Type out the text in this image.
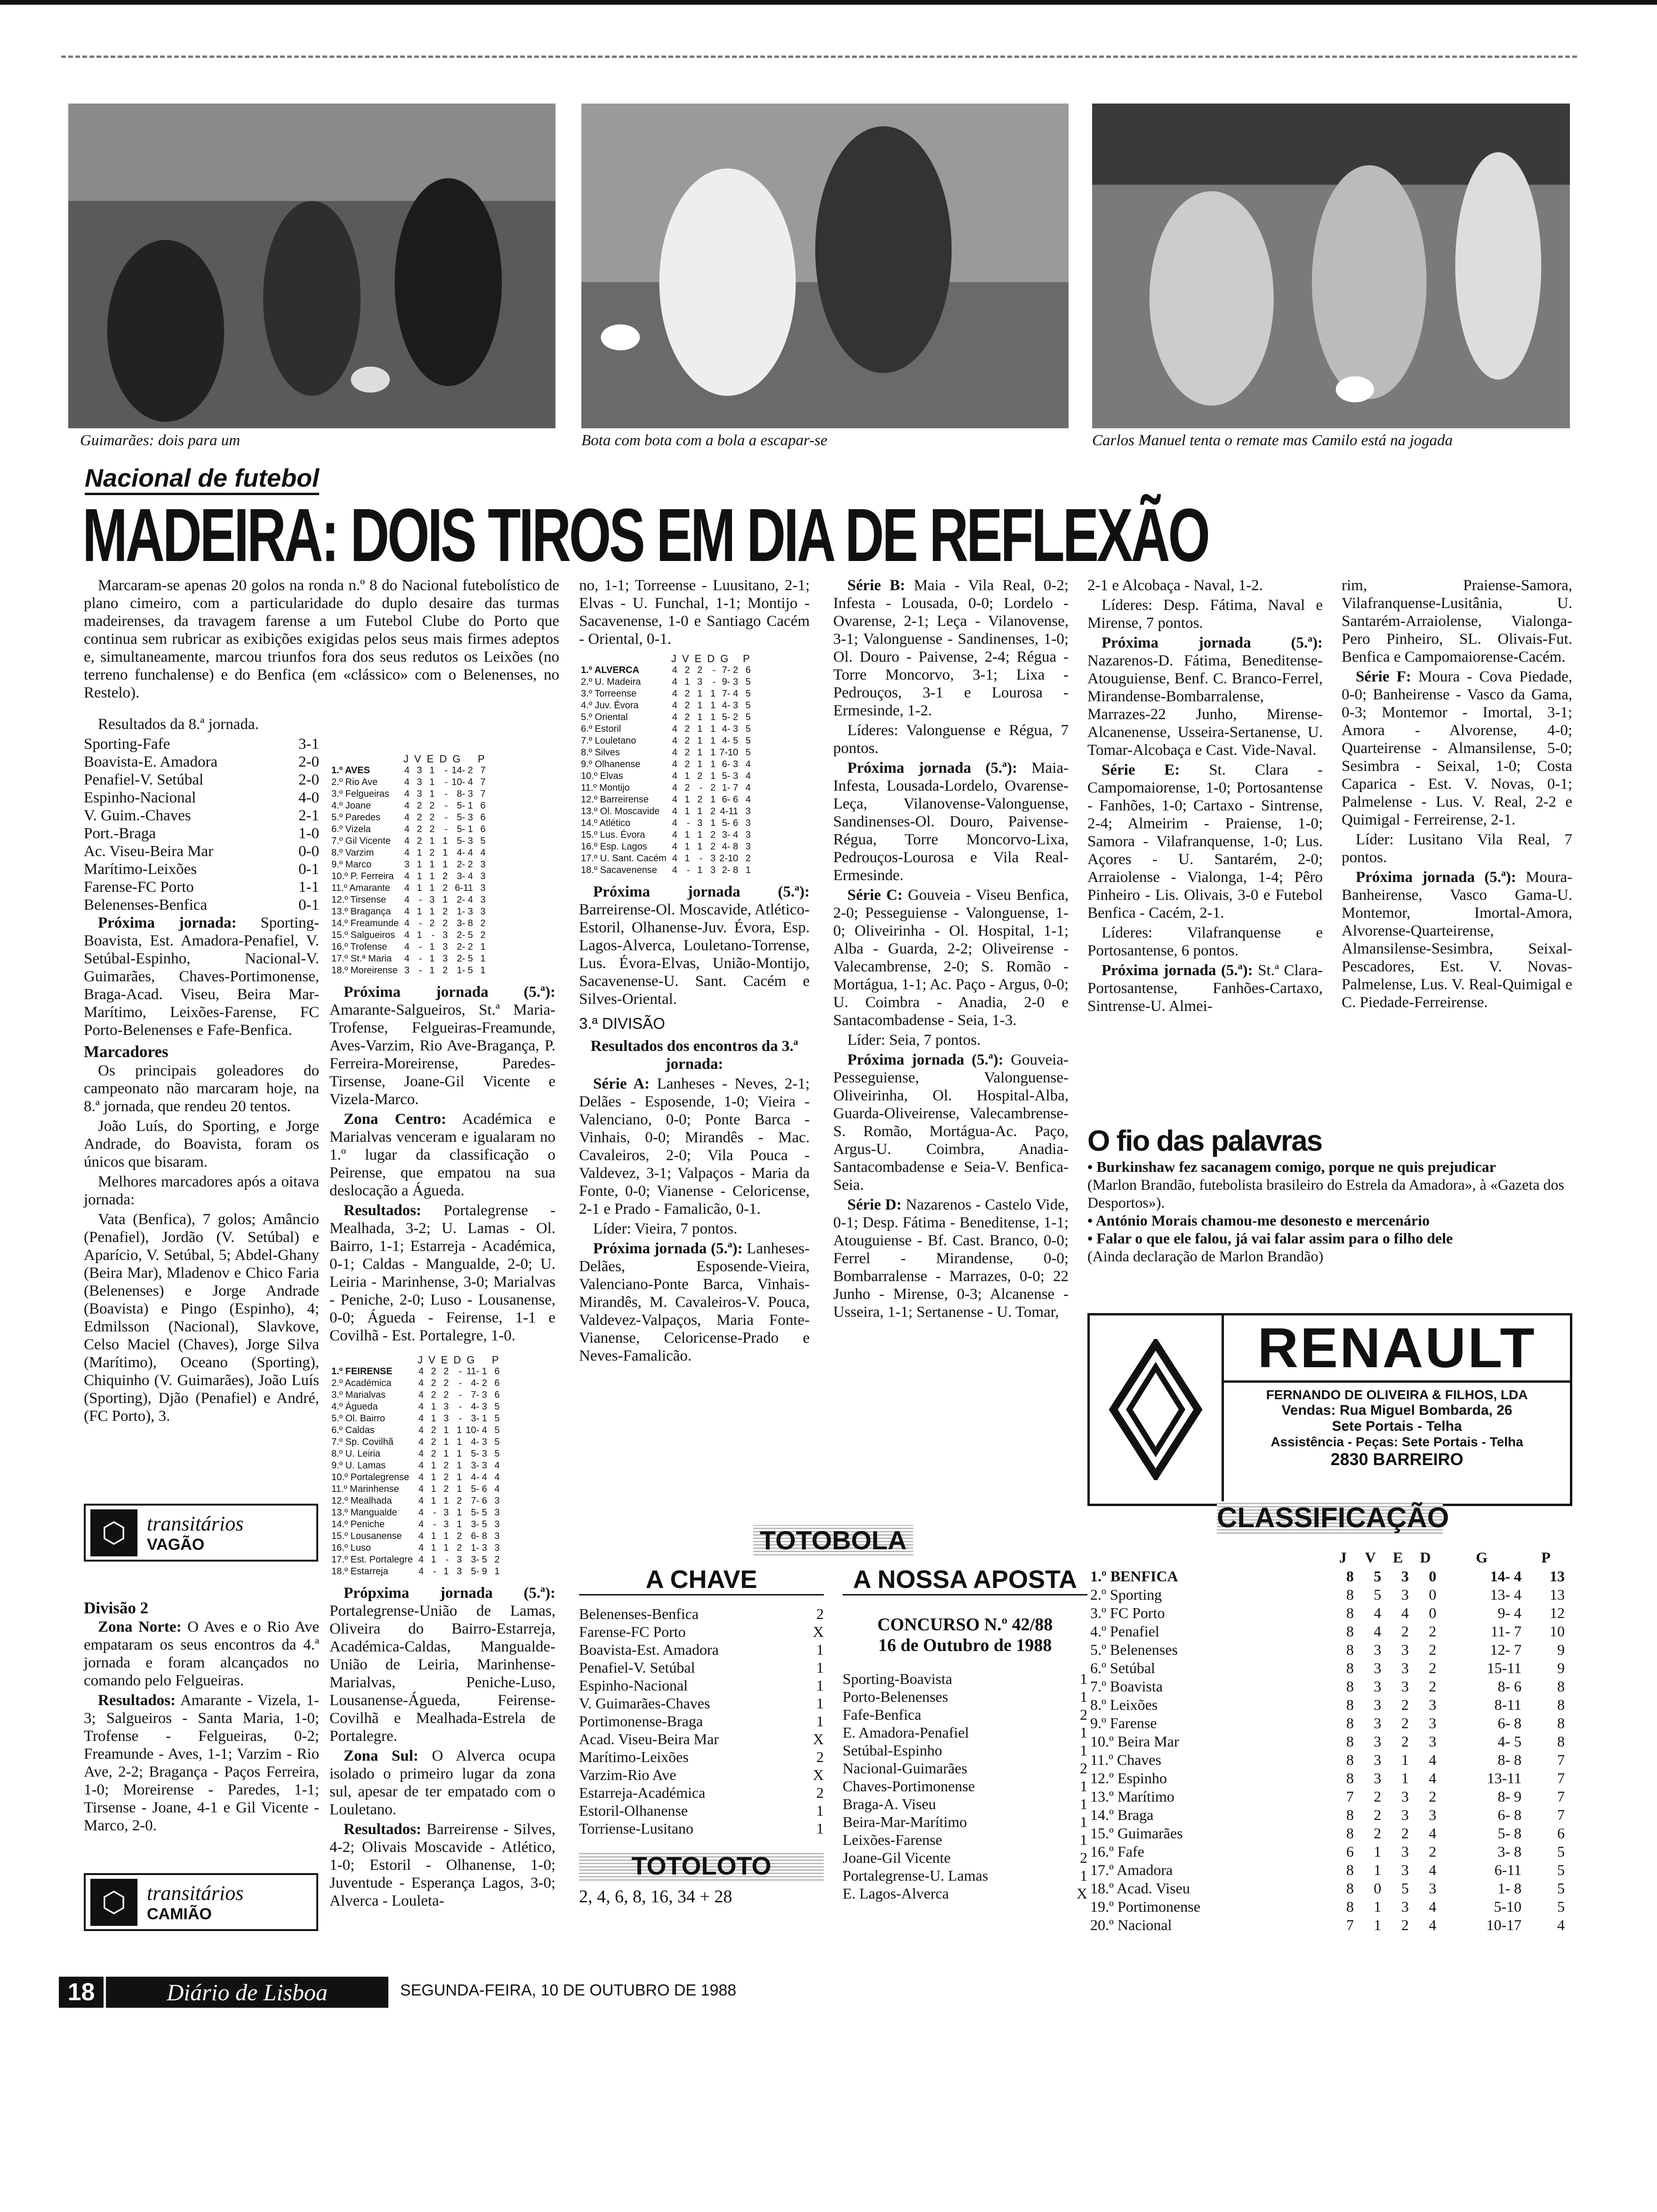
Guimarães: dois para um	Bota com bota com a bola a escapar-se	Carlos Manuel tenta o remate mas Camilo está na jogada
Nacional de futebol
MADEIRA: DOIS TIROS EM DIA DE REFLEXÃO

Marcaram-se apenas 20 golos na ronda n.º 8 do Nacional futebolístico de plano cimeiro, com a particularidade do duplo desaire das turmas madeirenses, da travagem farense a um Futebol Clube do Porto que continua sem rubricar as exibições exigidas pelos seus mais firmes adeptos e, simultaneamente, marcou triunfos fora dos seus redutos os Leixões (no terreno funchalense) e do Benfica (em «clássico» com o Belenenses, no Restelo).

Resultados da 8.ª jornada.

Sporting-Fafe	3-1
Boavista-E. Amadora	2-0
Penafiel-V. Setúbal	2-0
Espinho-Nacional	4-0
V. Guim.-Chaves	2-1
Port.-Braga	1-0
Ac. Viseu-Beira Mar	0-0
Marítimo-Leixões	0-1
Farense-FC Porto	1-1
Belenenses-Benfica	0-1

Próxima jornada: Sporting-Boavista, Est. Amadora-Penafiel, V. Setúbal-Espinho, Nacional-V. Guimarães, Chaves-Portimonense, Braga-Acad. Viseu, Beira Mar-Marítimo, Leixões-Farense, FC Porto-Belenenses e Fafe-Benfica.

Marcadores

Os principais goleadores do campeonato não marcaram hoje, na 8.ª jornada, que rendeu 20 tentos.

João Luís, do Sporting, e Jorge Andrade, do Boavista, foram os únicos que bisaram.

Melhores marcadores após a oitava jornada:

Vata (Benfica), 7 golos; Amâncio (Penafiel), Jordão (V. Setúbal) e Aparício, V. Setúbal, 5; Abdel-Ghany (Beira Mar), Mladenov e Chico Faria (Belenenses) e Jorge Andrade (Boavista) e Pingo (Espinho), 4; Edmilsson (Nacional), Slavkove, Celso Maciel (Chaves), Jorge Silva (Marítimo), Oceano (Sporting), Chiquinho (V. Guimarães), João Luís (Sporting), Djão (Penafiel) e André, (FC Porto), 3.

⬡ transitários
VAGÃO
Divisão 2

Zona Norte: O Aves e o Rio Ave empataram os seus encontros da 4.ª jornada e foram alcançados no comando pelo Felgueiras.

Resultados: Amarante - Vizela, 1-3; Salgueiros - Santa Maria, 1-0; Trofense - Felgueiras, 0-2; Freamunde - Aves, 1-1; Varzim - Rio Ave, 2-2; Bragança - Paços Ferreira, 1-0; Moreirense - Paredes, 1-1; Tirsense - Joane, 4-1 e Gil Vicente - Marco, 2-0.

⬡ transitários
CAMIÃO
	J	V	E	D	G	P
1.º AVES	4	3	1	-	14- 2	7
2.º Rio Ave	4	3	1	-	10- 4	7
3.º Felgueiras	4	3	1	-	8- 3	7
4.º Joane	4	2	2	-	5- 1	6
5.º Paredes	4	2	2	-	5- 3	6
6.º Vizela	4	2	2	-	5- 1	6
7.º Gil Vicente	4	2	1	1	5- 3	5
8.º Varzim	4	1	2	1	4- 4	4
9.º Marco	3	1	1	1	2- 2	3
10.º P. Ferreira	4	1	1	2	3- 4	3
11.º Amarante	4	1	1	2	6-11	3
12.º Tirsense	4	-	3	1	2- 4	3
13.º Bragança	4	1	1	2	1- 3	3
14.º Freamunde	4	-	2	2	3- 8	2
15.º Salgueiros	4	1	-	3	2- 5	2
16.º Trofense	4	-	1	3	2- 2	1
17.º St.ª Maria	4	-	1	3	2- 5	1
18.º Moreirense	3	-	1	2	1- 5	1

Próxima jornada (5.ª): Amarante-Salgueiros, St.ª Maria-Trofense, Felgueiras-Freamunde, Aves-Varzim, Rio Ave-Bragança, P. Ferreira-Moreirense, Paredes-Tirsense, Joane-Gil Vicente e Vizela-Marco.

Zona Centro: Académica e Marialvas venceram e igualaram no 1.º lugar da classificação o Peirense, que empatou na sua deslocação a Águeda.

Resultados: Portalegrense - Mealhada, 3-2; U. Lamas - Ol. Bairro, 1-1; Estarreja - Académica, 0-1; Caldas - Mangualde, 2-0; U. Leiria - Marinhense, 3-0; Marialvas - Peniche, 2-0; Luso - Lousanense, 0-0; Águeda - Feirense, 1-1 e Covilhã - Est. Portalegre, 1-0.

	J	V	E	D	G	P
1.º FEIRENSE	4	2	2	-	11- 1	6
2.º Académica	4	2	2	-	4- 2	6
3.º Marialvas	4	2	2	-	7- 3	6
4.º Águeda	4	1	3	-	4- 3	5
5.º Ol. Bairro	4	1	3	-	3- 1	5
6.º Caldas	4	2	1	1	10- 4	5
7.º Sp. Covilhã	4	2	1	1	4- 3	5
8.º U. Leiria	4	2	1	1	5- 3	5
9.º U. Lamas	4	1	2	1	3- 3	4
10.º Portalegrense	4	1	2	1	4- 4	4
11.º Marinhense	4	1	2	1	5- 6	4
12.º Mealhada	4	1	1	2	7- 6	3
13.º Mangualde	4	-	3	1	5- 5	3
14.º Peniche	4	-	3	1	3- 5	3
15.º Lousanense	4	1	1	2	6- 8	3
16.º Luso	4	1	1	2	1- 3	3
17.º Est. Portalegre	4	1	-	3	3- 5	2
18.º Estarreja	4	-	1	3	5- 9	1

Própxima jornada (5.ª): Portalegrense-União de Lamas, Oliveira do Bairro-Estarreja, Académica-Caldas, Mangualde-União de Leiria, Marinhense-Marialvas, Peniche-Luso, Lousanense-Águeda, Feirense-Covilhã e Mealhada-Estrela de Portalegre.

Zona Sul: O Alverca ocupa isolado o primeiro lugar da zona sul, apesar de ter empatado com o Louletano.

Resultados: Barreirense - Silves, 4-2; Olivais Moscavide - Atlético, 1-0; Estoril - Olhanense, 1-0; Juventude - Esperança Lagos, 3-0; Alverca - Louleta-

no, 1-1; Torreense - Luusitano, 2-1; Elvas - U. Funchal, 1-1; Montijo - Sacavenense, 1-0 e Santiago Cacém - Oriental, 0-1.

	J	V	E	D	G	P
1.º ALVERCA	4	2	2	-	7- 2	6
2.º U. Madeira	4	1	3	-	9- 3	5
3.º Torreense	4	2	1	1	7- 4	5
4.º Juv. Évora	4	2	1	1	4- 3	5
5.º Oriental	4	2	1	1	5- 2	5
6.º Estoril	4	2	1	1	4- 3	5
7.º Louletano	4	2	1	1	4- 5	5
8.º Silves	4	2	1	1	7-10	5
9.º Olhanense	4	2	1	1	6- 3	4
10.º Elvas	4	1	2	1	5- 3	4
11.º Montijo	4	2	-	2	1- 7	4
12.º Barreirense	4	1	2	1	6- 6	4
13.º Ol. Moscavide	4	1	1	2	4-11	3
14.º Atlético	4	-	3	1	5- 6	3
15.º Lus. Évora	4	1	1	2	3- 4	3
16.º Esp. Lagos	4	1	1	2	4- 8	3
17.º U. Sant. Cacém	4	1	-	3	2-10	2
18.º Sacavenense	4	-	1	3	2- 8	1

Próxima jornada (5.ª): Barreirense-Ol. Moscavide, Atlético-Estoril, Olhanense-Juv. Évora, Esp. Lagos-Alverca, Louletano-Torrense, Lus. Évora-Elvas, União-Montijo, Sacavenense-U. Sant. Cacém e Silves-Oriental.

3.ª DIVISÃO

Resultados dos encontros da 3.ª jornada:

Série A: Lanheses - Neves, 2-1; Delães - Esposende, 1-0; Vieira - Valenciano, 0-0; Ponte Barca - Vinhais, 0-0; Mirandês - Mac. Cavaleiros, 2-0; Vila Pouca - Valdevez, 3-1; Valpaços - Maria da Fonte, 0-0; Vianense - Celoricense, 2-1 e Prado - Famalicão, 0-1.

Líder: Vieira, 7 pontos.

Próxima jornada (5.ª): Lanheses-Delães, Esposende-Vieira, Valenciano-Ponte Barca, Vinhais-Mirandês, M. Cavaleiros-V. Pouca, Valdevez-Valpaços, Maria Fonte-Vianense, Celoricense-Prado e Neves-Famalicão.

Série B: Maia - Vila Real, 0-2; Infesta - Lousada, 0-0; Lordelo - Ovarense, 2-1; Leça - Vilanovense, 3-1; Valonguense - Sandinenses, 1-0; Ol. Douro - Paivense, 2-4; Régua - Torre Moncorvo, 3-1; Lixa - Pedrouços, 3-1 e Lourosa - Ermesinde, 1-2.

Líderes: Valonguense e Régua, 7 pontos.

Próxima jornada (5.ª): Maia-Infesta, Lousada-Lordelo, Ovarense-Leça, Vilanovense-Valonguense, Sandinenses-Ol. Douro, Paivense-Régua, Torre Moncorvo-Lixa, Pedrouços-Lourosa e Vila Real-Ermesinde.

Série C: Gouveia - Viseu Benfica, 2-0; Pesseguiense - Valonguense, 1-0; Oliveirinha - Ol. Hospital, 1-1; Alba - Guarda, 2-2; Oliveirense - Valecambrense, 2-0; S. Romão - Mortágua, 1-1; Ac. Paço - Argus, 0-0; U. Coimbra - Anadia, 2-0 e Santacombadense - Seia, 1-3.

Líder: Seia, 7 pontos.

Próxima jornada (5.ª): Gouveia-Pesseguiense, Valonguense-Oliveirinha, Ol. Hospital-Alba, Guarda-Oliveirense, Valecambrense-S. Romão, Mortágua-Ac. Paço, Argus-U. Coimbra, Anadia-Santacombadense e Seia-V. Benfica-Seia.

Série D: Nazarenos - Castelo Vide, 0-1; Desp. Fátima - Beneditense, 1-1; Atouguiense - Bf. Cast. Branco, 0-0; Ferrel - Mirandense, 0-0; Bombarralense - Marrazes, 0-0; 22 Junho - Mirense, 0-3; Alcanense - Usseira, 1-1; Sertanense - U. Tomar,

2-1 e Alcobaça - Naval, 1-2.

Líderes: Desp. Fátima, Naval e Mirense, 7 pontos.

Próxima jornada (5.ª): Nazarenos-D. Fátima, Beneditense-Atouguiense, Benf. C. Branco-Ferrel, Mirandense-Bombarralense, Marrazes-22 Junho, Mirense-Alcanenense, Usseira-Sertanense, U. Tomar-Alcobaça e Cast. Vide-Naval.

Série E: St. Clara - Campomaiorense, 1-0; Portosantense - Fanhões, 1-0; Cartaxo - Sintrense, 2-4; Almeirim - Praiense, 1-0; Samora - Vilafranquense, 1-0; Lus. Açores - U. Santarém, 2-0; Arraiolense - Vialonga, 1-4; Pêro Pinheiro - Lis. Olivais, 3-0 e Futebol Benfica - Cacém, 2-1.

Líderes: Vilafranquense e Portosantense, 6 pontos.

Próxima jornada (5.ª): St.ª Clara-Portosantense, Fanhões-Cartaxo, Sintrense-U. Almei-

rim, Praiense-Samora, Vilafranquense-Lusitânia, U. Santarém-Arraiolense, Vialonga-Pero Pinheiro, SL. Olivais-Fut. Benfica e Campomaiorense-Cacém.

Série F: Moura - Cova Piedade, 0-0; Banheirense - Vasco da Gama, 0-3; Montemor - Imortal, 3-1; Amora - Alvorense, 4-0; Quarteirense - Almansilense, 5-0; Sesimbra - Seixal, 1-0; Costa Caparica - Est. V. Novas, 0-1; Palmelense - Lus. V. Real, 2-2 e Quimigal - Ferreirense, 2-1.

Líder: Lusitano Vila Real, 7 pontos.

Próxima jornada (5.ª): Moura-Banheirense, Vasco Gama-U. Montemor, Imortal-Amora, Alvorense-Quarteirense, Almansilense-Sesimbra, Seixal-Pescadores, Est. V. Novas-Palmelense, Lus. V. Real-Quimigal e C. Piedade-Ferreirense.

O fio das palavras
• Burkinshaw fez sacanagem comigo, porque ne quis prejudicar
(Marlon Brandão, futebolista brasileiro do Estrela da Amadora», à «Gazeta dos Desportos»).
• António Morais chamou-me desonesto e mercenário
• Falar o que ele falou, já vai falar assim para o filho dele
(Ainda declaração de Marlon Brandão)
RENAULT
FERNANDO DE OLIVEIRA & FILHOS, LDA
Vendas: Rua Miguel Bombarda, 26
Sete Portais - Telha
Assistência - Peças: Sete Portais - Telha
2830 BARREIRO
TOTOBOLA
A CHAVE
Belenenses-Benfica	2
Farense-FC Porto	X
Boavista-Est. Amadora	1
Penafiel-V. Setúbal	1
Espinho-Nacional	1
V. Guimarães-Chaves	1
Portimonense-Braga	1
Acad. Viseu-Beira Mar	X
Marítimo-Leixões	2
Varzim-Rio Ave	X
Estarreja-Académica	2
Estoril-Olhanense	1
Torriense-Lusitano	1
TOTOLOTO
2, 4, 6, 8, 16, 34 + 28
A NOSSA APOSTA
CONCURSO N.º 42/88
16 de Outubro de 1988
Sporting-Boavista	1
Porto-Belenenses	1
Fafe-Benfica	2
E. Amadora-Penafiel	1
Setúbal-Espinho	1
Nacional-Guimarães	2
Chaves-Portimonense	1
Braga-A. Viseu	1
Beira-Mar-Marítimo	1
Leixões-Farense	1
Joane-Gil Vicente	2
Portalegrense-U. Lamas	1
E. Lagos-Alverca	X
CLASSIFICAÇÃO
	J	V	E	D	G	P
1.º BENFICA	8	5	3	0	14- 4	13
2.º Sporting	8	5	3	0	13- 4	13
3.º FC Porto	8	4	4	0	9- 4	12
4.º Penafiel	8	4	2	2	11- 7	10
5.º Belenenses	8	3	3	2	12- 7	9
6.º Setúbal	8	3	3	2	15-11	9
7.º Boavista	8	3	3	2	8- 6	8
8.º Leixões	8	3	2	3	8-11	8
9.º Farense	8	3	2	3	6- 8	8
10.º Beira Mar	8	3	2	3	4- 5	8
11.º Chaves	8	3	1	4	8- 8	7
12.º Espinho	8	3	1	4	13-11	7
13.º Marítimo	7	2	3	2	8- 9	7
14.º Braga	8	2	3	3	6- 8	7
15.º Guimarães	8	2	2	4	5- 8	6
16.º Fafe	6	1	3	2	3- 8	5
17.º Amadora	8	1	3	4	6-11	5
18.º Acad. Viseu	8	0	5	3	1- 8	5
19.º Portimonense	8	1	3	4	5-10	5
20.º Nacional	7	1	2	4	10-17	4
18	Diário de Lisboa	SEGUNDA-FEIRA, 10 DE OUTUBRO DE 1988
